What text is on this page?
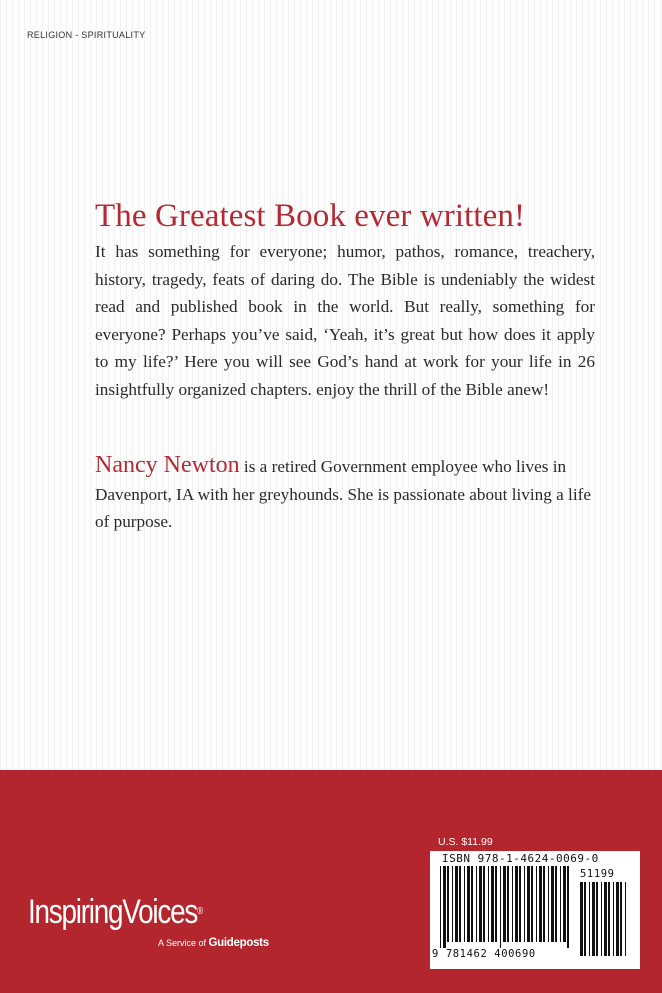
RELIGION - SPIRITUALITY
The Greatest Book ever written!

It has something for everyone; humor, pathos, romance, treachery, history, tragedy, feats of daring do. The Bible is undeniably the widest read and published book in the world. But really, something for everyone? Perhaps you’ve said, ‘Yeah, it’s great but how does it apply to my life?’ Here you will see God’s hand at work for your life in 26 insightfully organized chapters. enjoy the thrill of the Bible anew!

Nancy Newton is a retired Government employee who lives in Davenport, IA with her greyhounds. She is passionate about living a life of purpose.

InspiringVoices®
A Service of Guideposts
U.S. $11.99
ISBN 978-1-4624-0069-0
9 781462 400690
51199
